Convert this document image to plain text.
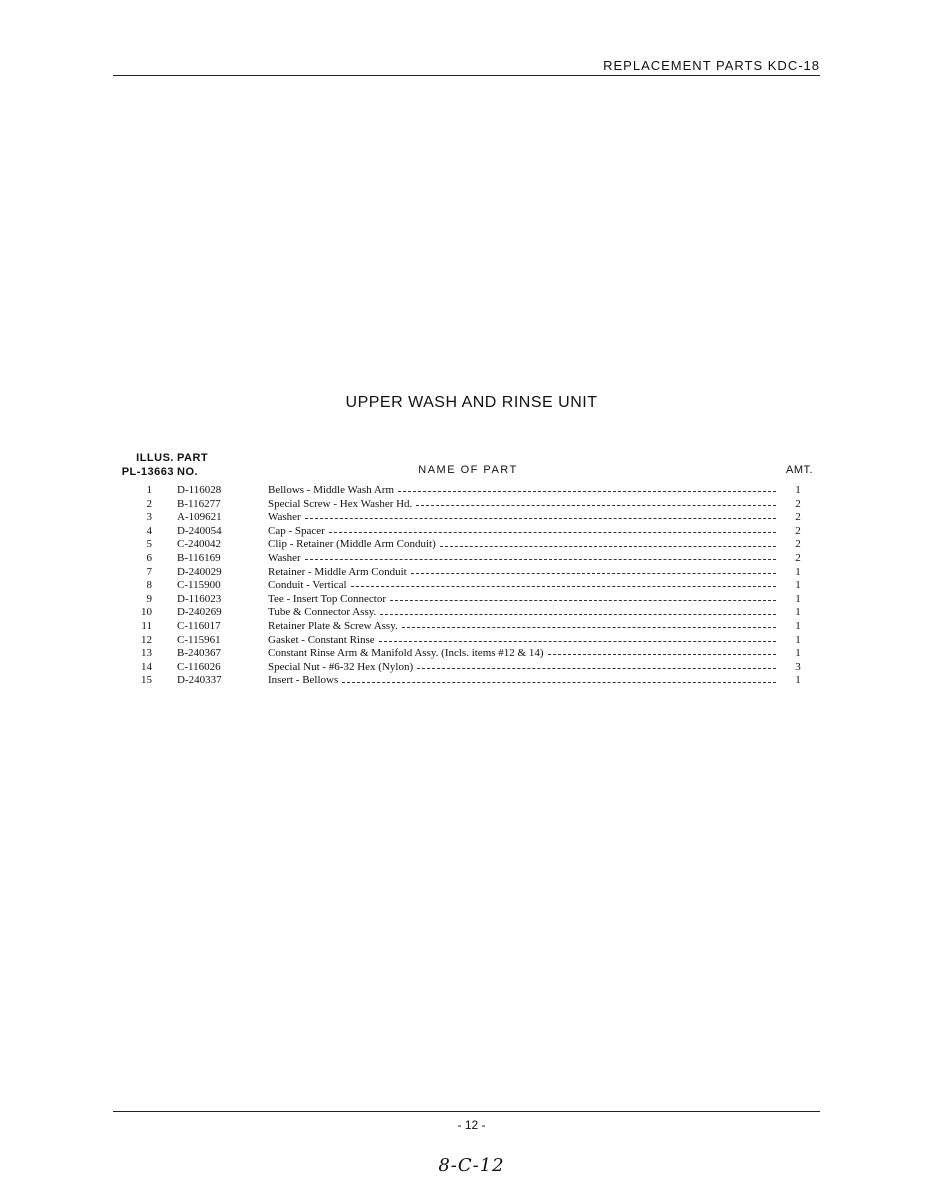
REPLACEMENT PARTS KDC-18
UPPER WASH AND RINSE UNIT
ILLUS.
PL-13663
PART
NO.	NAME OF PART	AMT.
1 D-116028	Bellows - Middle Wash Arm	1
2 B-116277	Special Screw - Hex Washer Hd.	2
3 A-109621	Washer	2
4 D-240054	Cap - Spacer	2
5 C-240042	Clip - Retainer (Middle Arm Conduit)	2
6 B-116169	Washer	2
7 D-240029	Retainer - Middle Arm Conduit	1
8 C-115900	Conduit - Vertical	1
9 D-116023	Tee - Insert Top Connector	1
10 D-240269	Tube & Connector Assy.	1
11 C-116017	Retainer Plate & Screw Assy.	1
12 C-115961	Gasket - Constant Rinse	1
13 B-240367	Constant Rinse Arm & Manifold Assy. (Incls. items #12 & 14)	1
14 C-116026	Special Nut - #6-32 Hex (Nylon)	3
15 D-240337	Insert - Bellows	1
- 12 -
8-C-12
